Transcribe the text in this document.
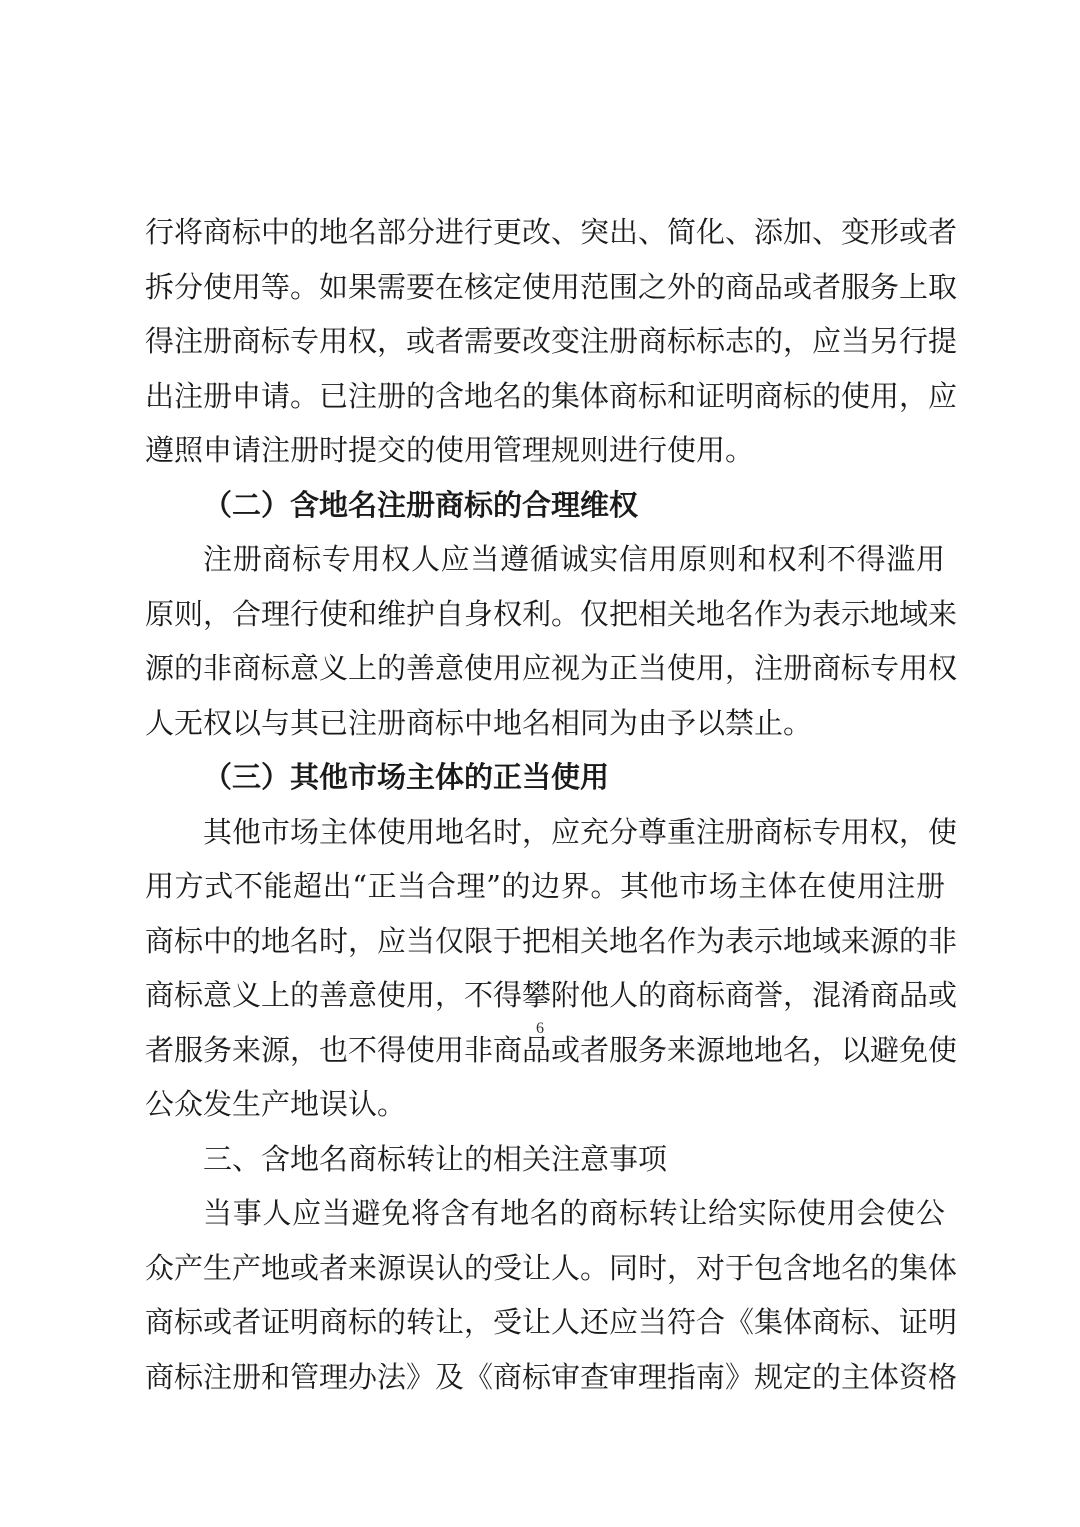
行将商标中的地名部分进行更改、突出、简化、添加、变形或者
拆分使用等。如果需要在核定使用范围之外的商品或者服务上取
得注册商标专用权，或者需要改变注册商标标志的，应当另行提
出注册申请。已注册的含地名的集体商标和证明商标的使用，应
遵照申请注册时提交的使用管理规则进行使用。
（二）含地名注册商标的合理维权
注册商标专用权人应当遵循诚实信用原则和权利不得滥用
原则，合理行使和维护自身权利。仅把相关地名作为表示地域来
源的非商标意义上的善意使用应视为正当使用，注册商标专用权
人无权以与其已注册商标中地名相同为由予以禁止。
（三）其他市场主体的正当使用
其他市场主体使用地名时，应充分尊重注册商标专用权，使
用方式不能超出“正当合理”的边界。其他市场主体在使用注册
商标中的地名时，应当仅限于把相关地名作为表示地域来源的非
商标意义上的善意使用，不得攀附他人的商标商誉，混淆商品或
者服务来源，也不得使用非商品或者服务来源地地名，以避免使
公众发生产地误认。
三、含地名商标转让的相关注意事项
当事人应当避免将含有地名的商标转让给实际使用会使公
众产生产地或者来源误认的受让人。同时，对于包含地名的集体
商标或者证明商标的转让，受让人还应当符合《集体商标、证明
商标注册和管理办法》及《商标审查审理指南》规定的主体资格
6
